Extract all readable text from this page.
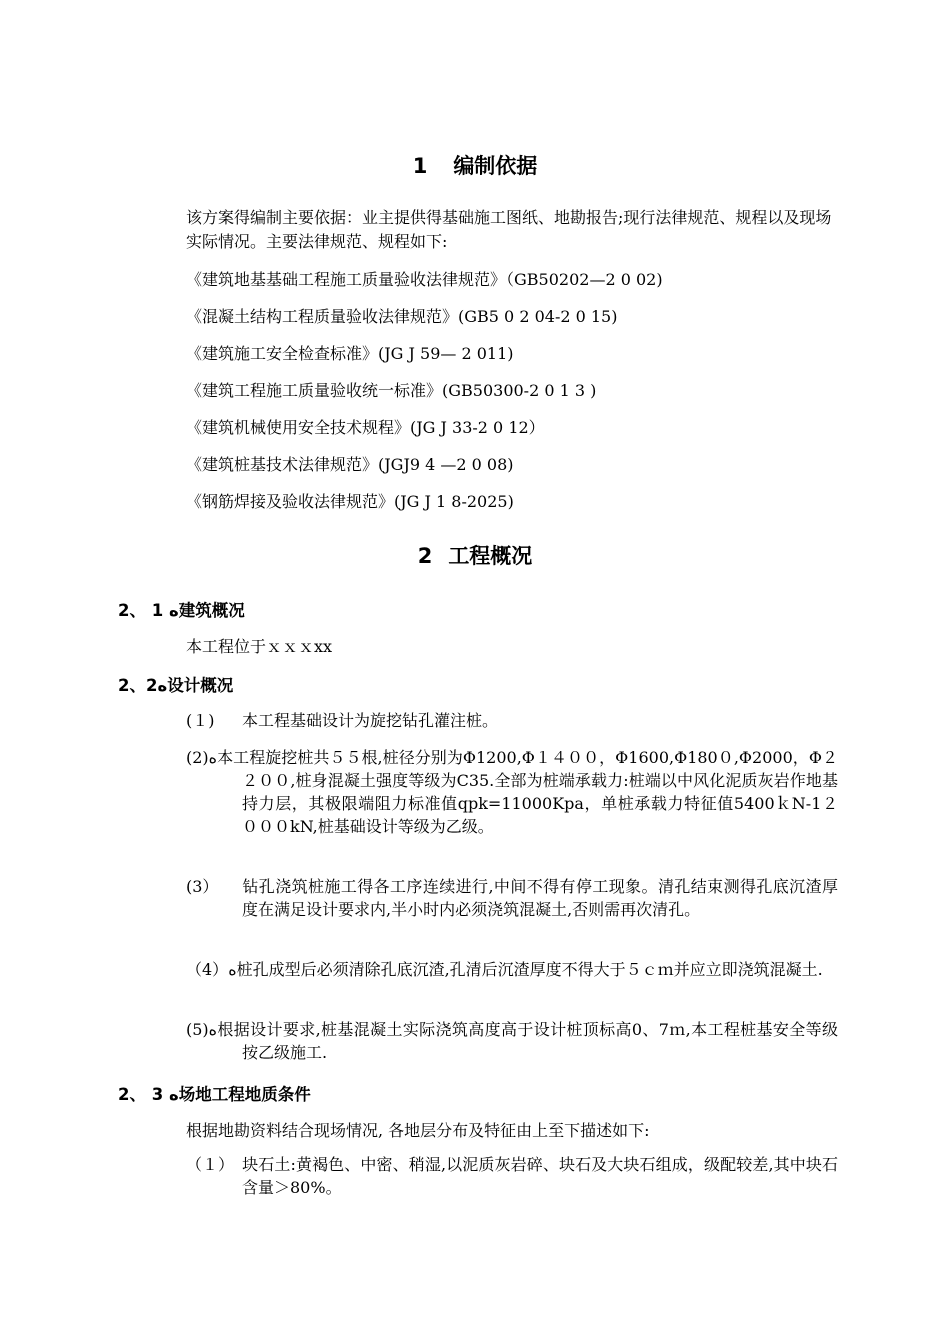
1 编制依据

该方案得编制主要依据：业主提供得基础施工图纸、地勘报告;现行法律规范、规程以及现场实际情况。主要法律规范、规程如下:

《建筑地基基础工程施工质量验收法律规范》（GB50202—2 0 02)
《混凝土结构工程质量验收法律规范》(GB5 0 2 04-2 0 15)
《建筑施工安全检查标准》(JG J 59— 2 011)
《建筑工程施工质量验收统一标准》(GB50300-2 0 1 3 )
《建筑机械使用安全技术规程》(JG J 33-2 0 12）
《建筑桩基技术法律规范》(JGJ9 4 —2 0 08)
《钢筋焊接及验收法律规范》(JG J 1 8-2025)
2 工程概况
2、 1 ﻩ建筑概况
本工程位于ｘｘｘxx
2、2ﻩ设计概况

(１) 本工程基础设计为旋挖钻孔灌注桩。

(2)ﻩ本工程旋挖桩共５５根,桩径分别为Φ1200,Φ１４００，Φ1600,Φ180０,Φ2000，Φ２２００,桩身混凝土强度等级为C35.全部为桩端承载力:桩端以中风化泥质灰岩作地基持力层，其极限端阻力标准值qpk=11000Kpa，单桩承载力特征值5400ｋN-1２０００kN,桩基础设计等级为乙级。

(3） 钻孔浇筑桩施工得各工序连续进行,中间不得有停工现象。清孔结束测得孔底沉渣厚度在满足设计要求内,半小时内必须浇筑混凝土,否则需再次清孔。

（4）ﻩ桩孔成型后必须清除孔底沉渣,孔清后沉渣厚度不得大于５ｃｍ并应立即浇筑混凝土.

(5)ﻩ根据设计要求,桩基混凝土实际浇筑高度高于设计桩顶标高0、7ｍ,本工程桩基安全等级按乙级施工.

2、 3 ﻩ场地工程地质条件
根据地勘资料结合现场情况, 各地层分布及特征由上至下描述如下:

（１） 块石土:黄褐色、中密、稍湿,以泥质灰岩碎、块石及大块石组成，级配较差,其中块石含量＞80%。
